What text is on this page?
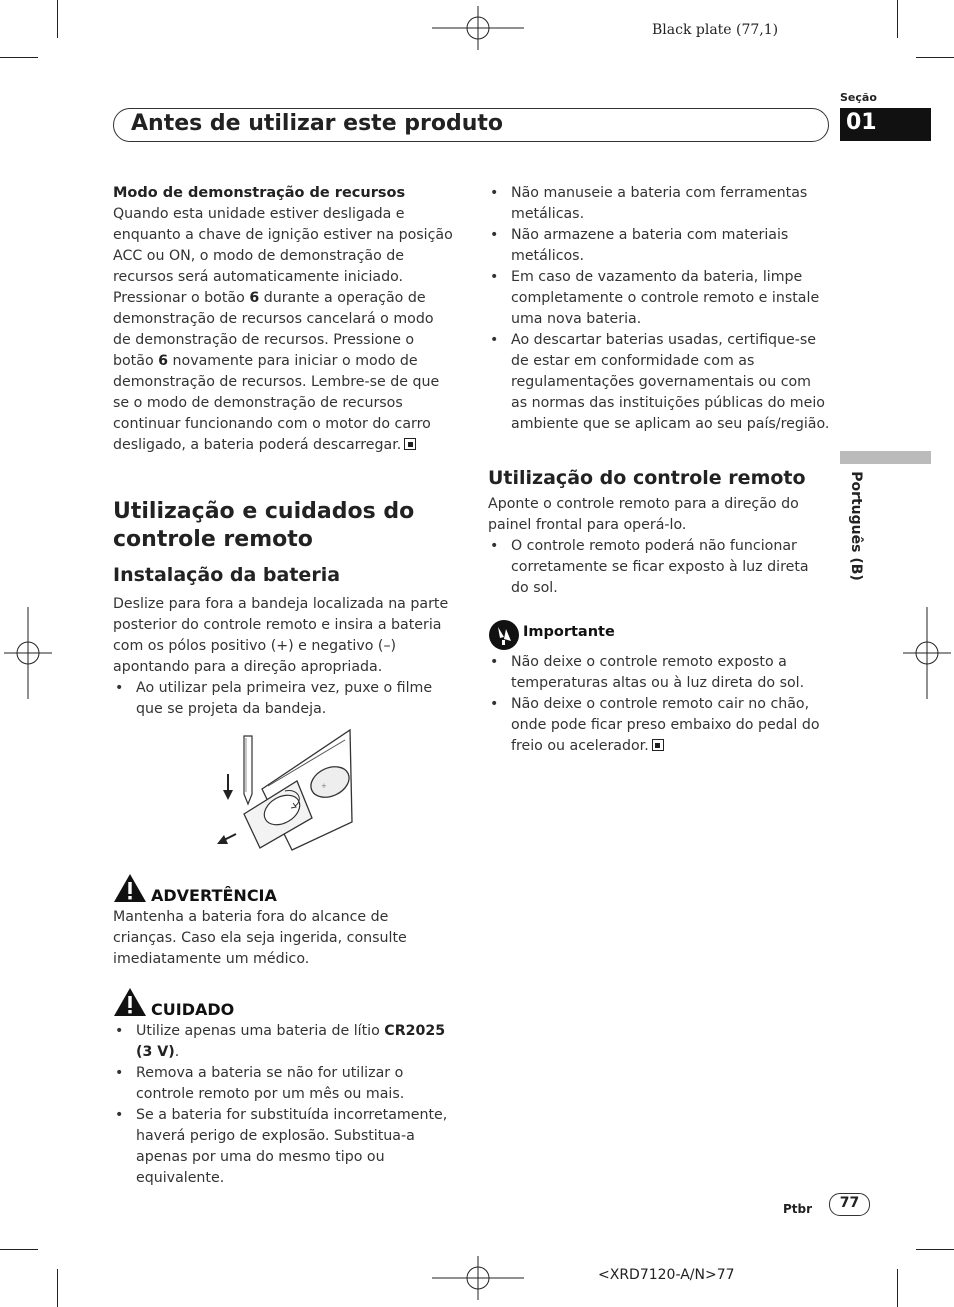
Black plate (77,1)
Seção
Antes de utilizar este produto	01
Português (B)
Modo de demonstração de recursos

Quando esta unidade estiver desligada e enquanto a chave de ignição estiver na posição ACC ou ON, o modo de demonstração de recursos será automaticamente iniciado. Pressionar o botão 6 durante a operação de demonstração de recursos cancelará o modo de demonstração de recursos. Pressione o botão 6 novamente para iniciar o modo de demonstração de recursos. Lembre-se de que se o modo de demonstração de recursos continuar funcionando com o motor do carro desligado, a bateria poderá descarregar.

Utilização e cuidados do controle remoto
Instalação da bateria

Deslize para fora a bandeja localizada na parte posterior do controle remoto e insira a bateria com os pólos positivo (+) e negativo (–) apontando para a direção apropriada.

• Ao utilizar pela primeira vez, puxe o filme que se projeta da bandeja.
+
ADVERTÊNCIA

Mantenha a bateria fora do alcance de crianças. Caso ela seja ingerida, consulte imediatamente um médico.

CUIDADO
• Utilize apenas uma bateria de lítio CR2025 (3 V).
• Remova a bateria se não for utilizar o controle remoto por um mês ou mais.
• Se a bateria for substituída incorretamente, haverá perigo de explosão. Substitua-a apenas por uma do mesmo tipo ou equivalente.
• Não manuseie a bateria com ferramentas metálicas.
• Não armazene a bateria com materiais metálicos.
• Em caso de vazamento da bateria, limpe completamente o controle remoto e instale uma nova bateria.
• Ao descartar baterias usadas, certifique-se de estar em conformidade com as regulamentações governamentais ou com as normas das instituições públicas do meio ambiente que se aplicam ao seu país/região.
Utilização do controle remoto

Aponte o controle remoto para a direção do painel frontal para operá-lo.

• O controle remoto poderá não funcionar corretamente se ficar exposto à luz direta do sol.
Importante
• Não deixe o controle remoto exposto a temperaturas altas ou à luz direta do sol.
• Não deixe o controle remoto cair no chão, onde pode ficar preso embaixo do pedal do freio ou acelerador.
Ptbr	77
<XRD7120-A/N>77
